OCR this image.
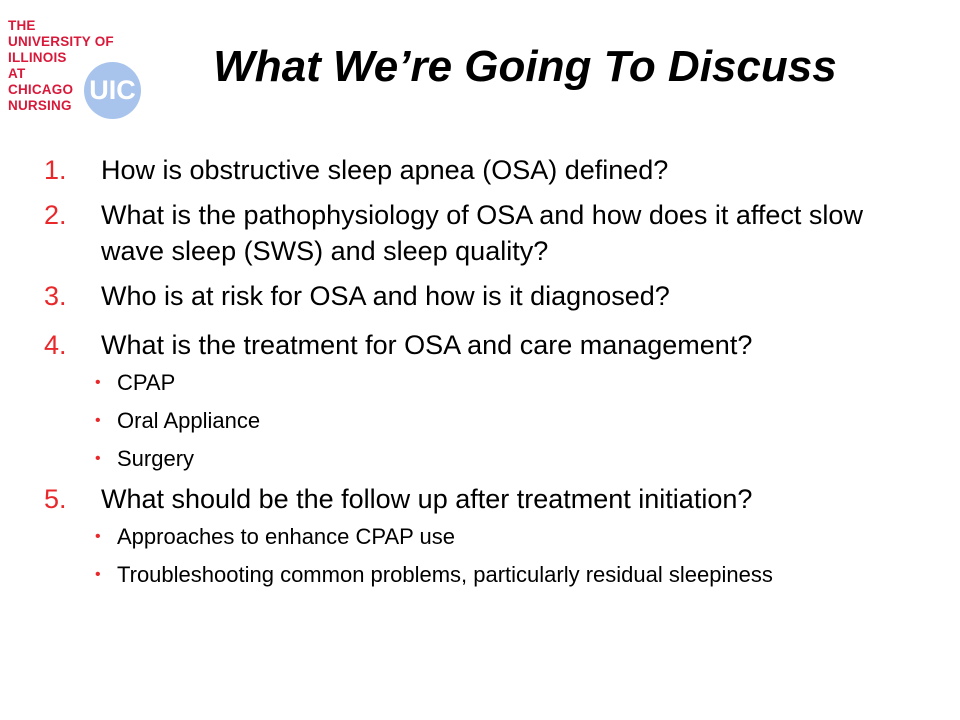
THE
UNIVERSITY OF
ILLINOIS
AT
CHICAGO
NURSING
UIC	What We’re Going To Discuss
1. How is obstructive sleep apnea (OSA) defined?
2. What is the pathophysiology of OSA and how does it affect slow wave sleep (SWS) and sleep quality?
3. Who is at risk for OSA and how is it diagnosed?
4. What is the treatment for OSA and care management?
• CPAP
• Oral Appliance
• Surgery
5. What should be the follow up after treatment initiation?
• Approaches to enhance CPAP use
• Troubleshooting common problems, particularly residual sleepiness
